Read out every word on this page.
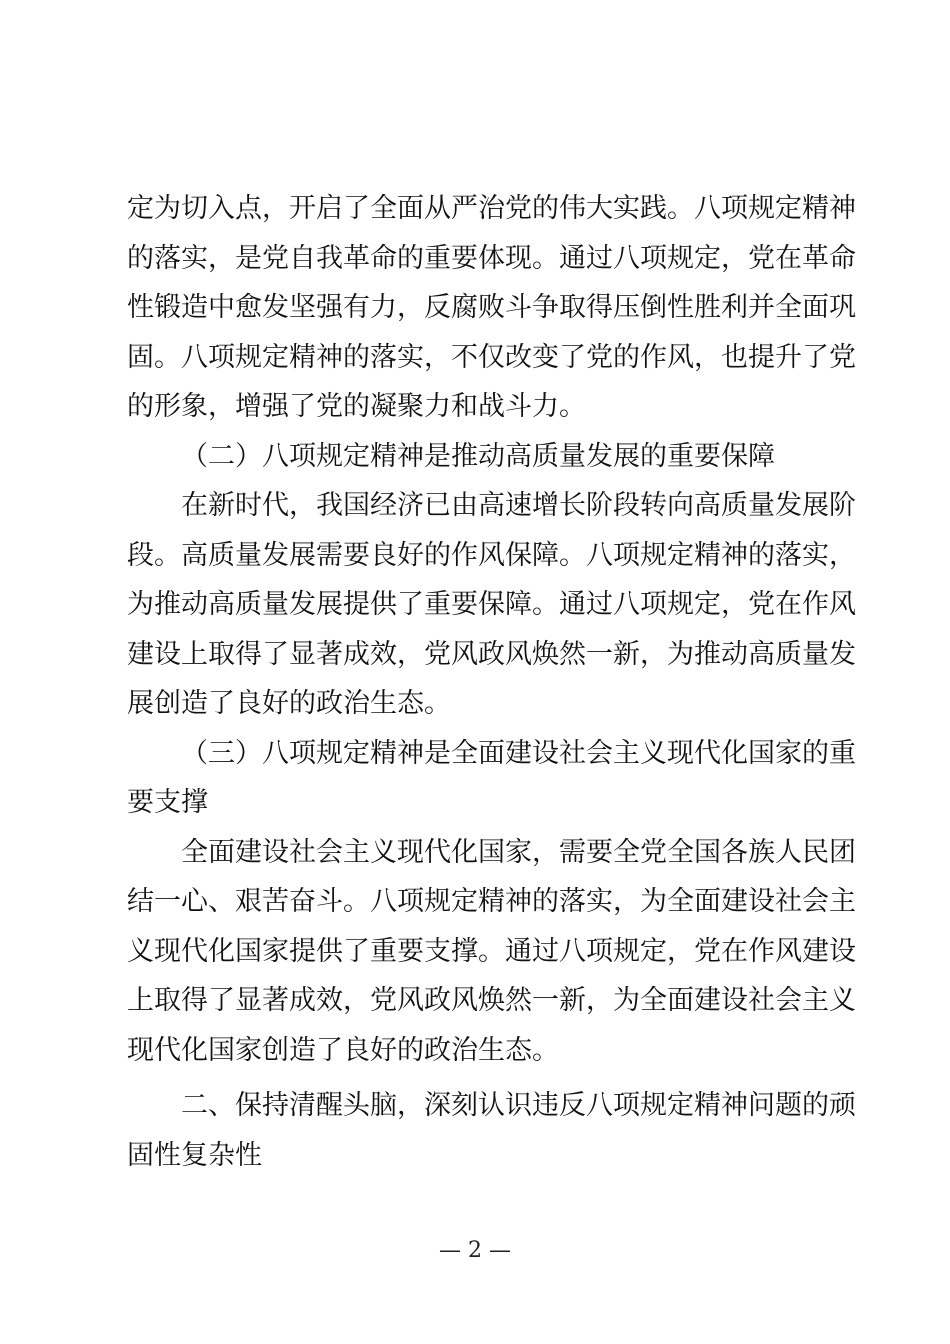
定为切入点，开启了全面从严治党的伟大实践。八项规定精神
的落实，是党自我革命的重要体现。通过八项规定，党在革命
性锻造中愈发坚强有力，反腐败斗争取得压倒性胜利并全面巩
固。八项规定精神的落实，不仅改变了党的作风，也提升了党
的形象，增强了党的凝聚力和战斗力。
（二）八项规定精神是推动高质量发展的重要保障
在新时代，我国经济已由高速增长阶段转向高质量发展阶
段。高质量发展需要良好的作风保障。八项规定精神的落实，
为推动高质量发展提供了重要保障。通过八项规定，党在作风
建设上取得了显著成效，党风政风焕然一新，为推动高质量发
展创造了良好的政治生态。
（三）八项规定精神是全面建设社会主义现代化国家的重
要支撑
全面建设社会主义现代化国家，需要全党全国各族人民团
结一心、艰苦奋斗。八项规定精神的落实，为全面建设社会主
义现代化国家提供了重要支撑。通过八项规定，党在作风建设
上取得了显著成效，党风政风焕然一新，为全面建设社会主义
现代化国家创造了良好的政治生态。
二、保持清醒头脑，深刻认识违反八项规定精神问题的顽
固性复杂性
— 2 —
